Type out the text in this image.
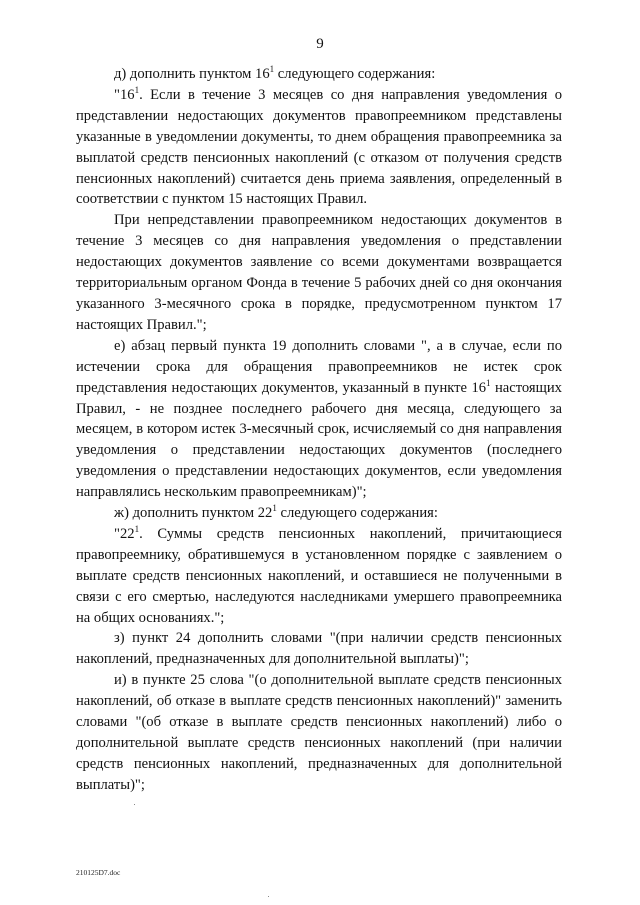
9

д) дополнить пунктом $16^1$ следующего содержания:

"$16^1$. Если в течение 3 месяцев со дня направления уведомления о представлении недостающих документов правопреемником представлены указанные в уведомлении документы, то днем обращения правопреемника за выплатой средств пенсионных накоплений (с отказом от получения средств пенсионных накоплений) считается день приема заявления, определенный в соответствии с пунктом 15 настоящих Правил.

При непредставлении правопреемником недостающих документов в течение 3 месяцев со дня направления уведомления о представлении недостающих документов заявление со всеми документами возвращается территориальным органом Фонда в течение 5 рабочих дней со дня окончания указанного 3-месячного срока в порядке, предусмотренном пунктом 17 настоящих Правил.";

е) абзац первый пункта 19 дополнить словами ", а в случае, если по истечении срока для обращения правопреемников не истек срок представления недостающих документов, указанный в пункте $16^1$ настоящих Правил, - не позднее последнего рабочего дня месяца, следующего за месяцем, в котором истек 3-месячный срок, исчисляемый со дня направления уведомления о представлении недостающих документов (последнего уведомления о представлении недостающих документов, если уведомления направлялись нескольким правопреемникам)";

ж) дополнить пунктом $22^1$ следующего содержания:

"$22^1$. Суммы средств пенсионных накоплений, причитающиеся правопреемнику, обратившемуся в установленном порядке с заявлением о выплате средств пенсионных накоплений, и оставшиеся не полученными в связи с его смертью, наследуются наследниками умершего правопреемника на общих основаниях.";

з) пункт 24 дополнить словами "(при наличии средств пенсионных накоплений, предназначенных для дополнительной выплаты)";

и) в пункте 25 слова "(о дополнительной выплате средств пенсионных накоплений, об отказе в выплате средств пенсионных накоплений)" заменить словами "(об отказе в выплате средств пенсионных накоплений) либо о дополнительной выплате средств пенсионных накоплений (при наличии средств пенсионных накоплений, предназначенных для дополнительной выплаты)";

210125D7.doc
